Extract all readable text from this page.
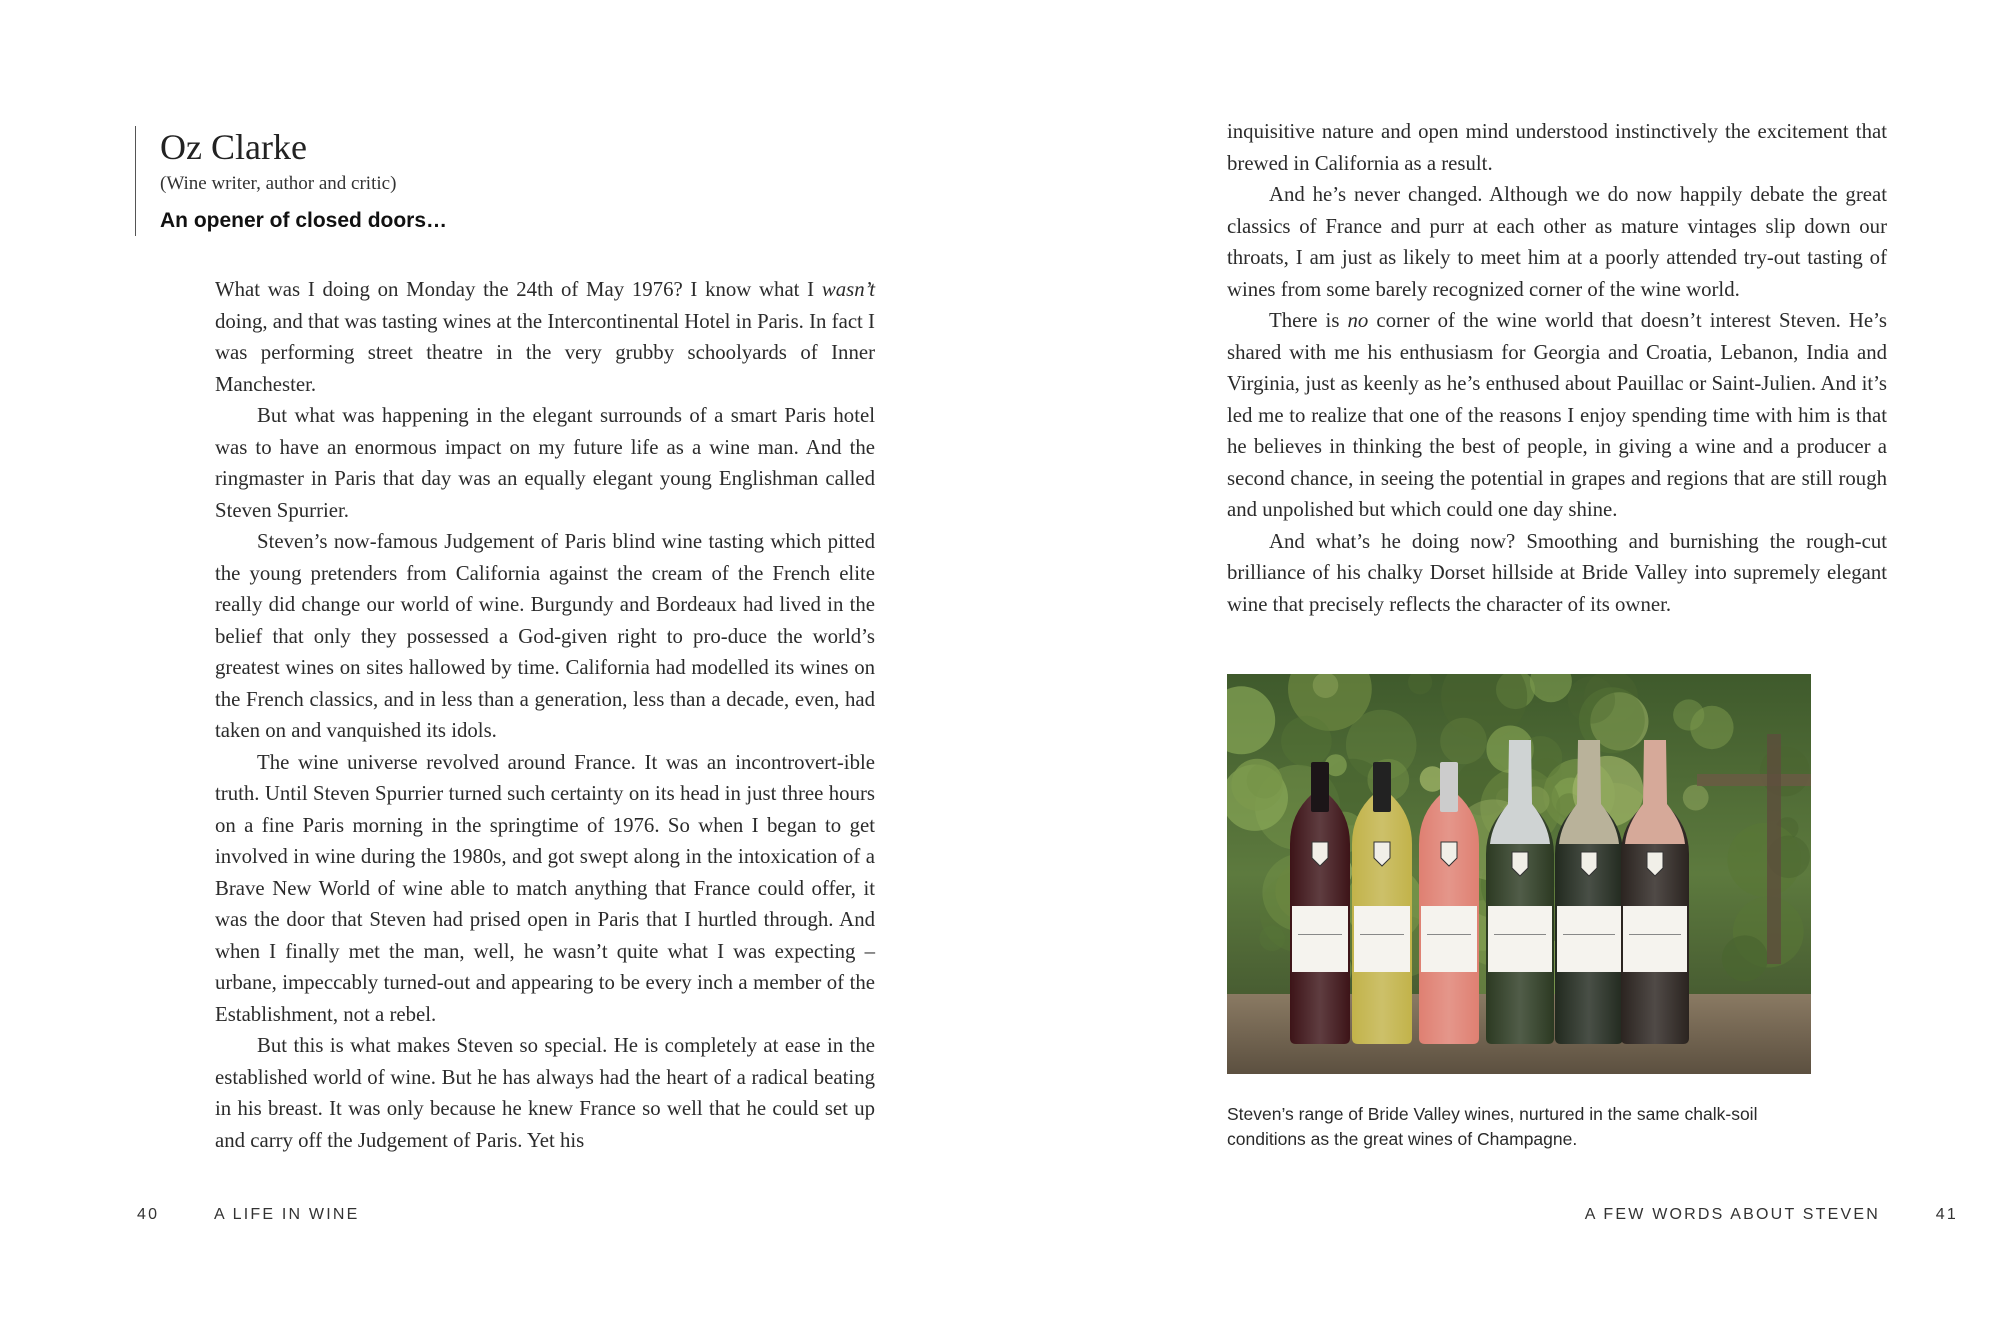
Oz Clarke
(Wine writer, author and critic)
An opener of closed doors…

What was I doing on Monday the 24th of May 1976? I know what I wasn’t doing, and that was tasting wines at the Intercontinental Hotel in Paris. In fact I was performing street theatre in the very grubby schoolyards of Inner Manchester.

But what was happening in the elegant surrounds of a smart Paris hotel was to have an enormous impact on my future life as a wine man. And the ringmaster in Paris that day was an equally elegant young Englishman called Steven Spurrier.

Steven’s now-famous Judgement of Paris blind wine tasting which pitted the young pretenders from California against the cream of the French elite really did change our world of wine. Burgundy and Bordeaux had lived in the belief that only they possessed a God-given right to pro-duce the world’s greatest wines on sites hallowed by time. California had modelled its wines on the French classics, and in less than a generation, less than a decade, even, had taken on and vanquished its idols.

The wine universe revolved around France. It was an incontrovert-ible truth. Until Steven Spurrier turned such certainty on its head in just three hours on a fine Paris morning in the springtime of 1976. So when I began to get involved in wine during the 1980s, and got swept along in the intoxication of a Brave New World of wine able to match anything that France could offer, it was the door that Steven had prised open in Paris that I hurtled through. And when I finally met the man, well, he wasn’t quite what I was expecting – urbane, impeccably turned-out and appearing to be every inch a member of the Establishment, not a rebel.

But this is what makes Steven so special. He is completely at ease in the established world of wine. But he has always had the heart of a radical beating in his breast. It was only because he knew France so well that he could set up and carry off the Judgement of Paris. Yet his

40	A LIFE IN WINE

inquisitive nature and open mind understood instinctively the excitement that brewed in California as a result.

And he’s never changed. Although we do now happily debate the great classics of France and purr at each other as mature vintages slip down our throats, I am just as likely to meet him at a poorly attended try-out tasting of wines from some barely recognized corner of the wine world.

There is no corner of the wine world that doesn’t interest Steven. He’s shared with me his enthusiasm for Georgia and Croatia, Lebanon, India and Virginia, just as keenly as he’s enthused about Pauillac or Saint-Julien. And it’s led me to realize that one of the reasons I enjoy spending time with him is that he believes in thinking the best of people, in giving a wine and a producer a second chance, in seeing the potential in grapes and regions that are still rough and unpolished but which could one day shine.

And what’s he doing now? Smoothing and burnishing the rough-cut brilliance of his chalky Dorset hillside at Bride Valley into supremely elegant wine that precisely reflects the character of its owner.

Steven’s range of Bride Valley wines, nurtured in the same chalk-soil conditions as the great wines of Champagne.
A FEW WORDS ABOUT STEVEN	41
